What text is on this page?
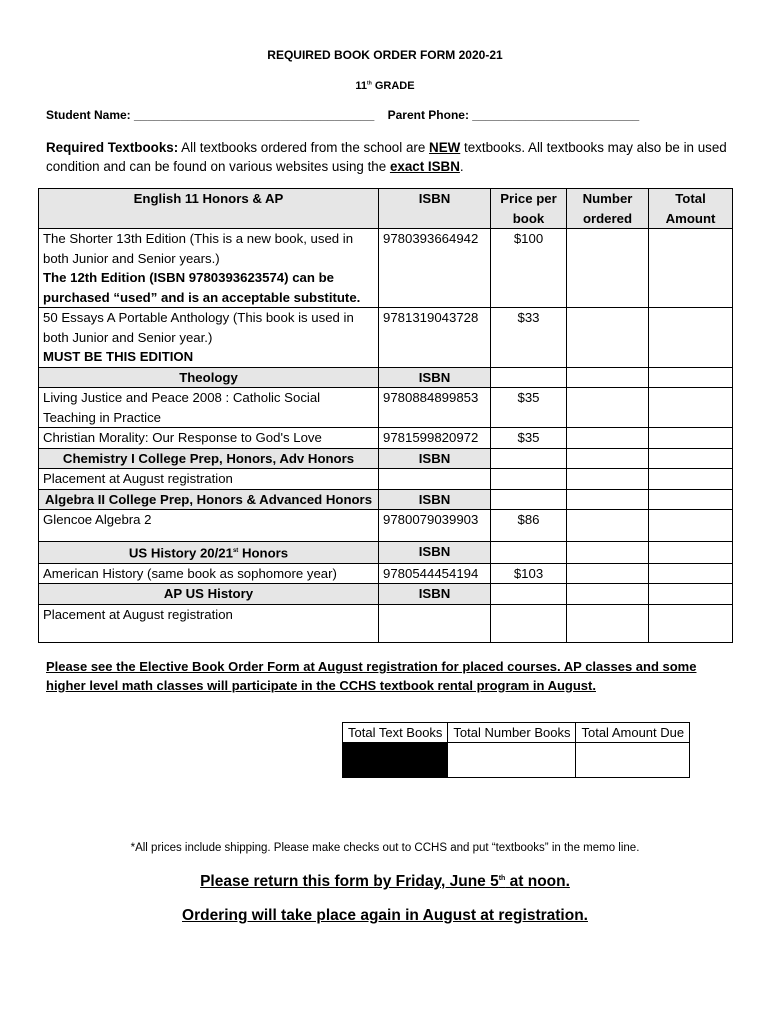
REQUIRED BOOK ORDER FORM 2020-21
11th GRADE
Student Name: ____________________________________ Parent Phone: _________________________
Required Textbooks: All textbooks ordered from the school are NEW textbooks. All textbooks may also be in used condition and can be found on various websites using the exact ISBN.
English 11 Honors & AP	ISBN	Price per book	Number ordered	Total Amount

The Shorter 13th Edition (This is a new book, used in both Junior and Senior years.)
The 12th Edition (ISBN 9780393623574) can be purchased “used” and is an acceptable substitute.	9780393664942	$100		

50 Essays A Portable Anthology (This book is used in both Junior and Senior year.)
MUST BE THIS EDITION	9781319043728	$33		
Theology	ISBN			
Living Justice and Peace 2008 : Catholic Social Teaching in Practice	9780884899853	$35		
Christian Morality: Our Response to God's Love	9781599820972	$35		
Chemistry I College Prep, Honors, Adv Honors	ISBN			
Placement at August registration				
Algebra II College Prep, Honors & Advanced Honors	ISBN			
Glencoe Algebra 2	9780079039903	$86		
US History 20/21st Honors	ISBN			
American History (same book as sophomore year)	9780544454194	$103		
AP US History	ISBN			
Placement at August registration				
Please see the Elective Book Order Form at August registration for placed courses. AP classes and some higher level math classes will participate in the CCHS textbook rental program in August.
Total Text Books	Total Number Books	Total Amount Due

*All prices include shipping. Please make checks out to CCHS and put “textbooks” in the memo line.
Please return this form by Friday, June 5th at noon.
Ordering will take place again in August at registration.
